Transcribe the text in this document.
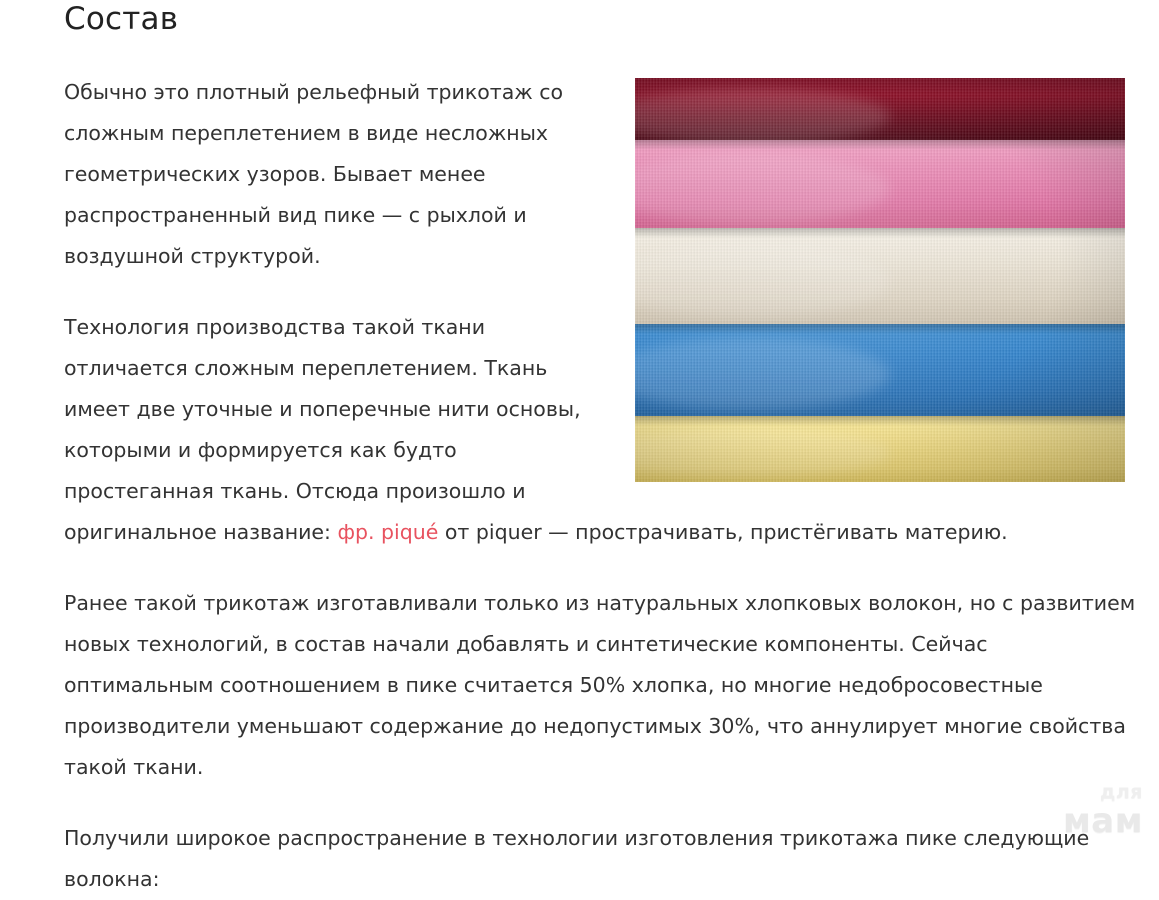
Состав

Обычно это плотный рельефный трикотаж со сложным переплетением в виде несложных геометрических узоров. Бывает менее распространенный вид пике — с рыхлой и воздушной структурой.

Технология производства такой ткани отличается сложным переплетением. Ткань имеет две уточные и поперечные нити основы, которыми и формируется как будто простеганная ткань. Отсюда произошло и оригинальное название: фр. piqué от piquer — прострачивать, пристёгивать материю.

Ранее такой трикотаж изготавливали только из натуральных хлопковых волокон, но с развитием новых технологий, в состав начали добавлять и синтетические компоненты. Сейчас оптимальным соотношением в пике считается 50% хлопка, но многие недобросовестные производители уменьшают содержание до недопустимых 30%, что аннулирует многие свойства такой ткани.

Получили широкое распространение в технологии изготовления трикотажа пике следующие волокна:

для
мам
